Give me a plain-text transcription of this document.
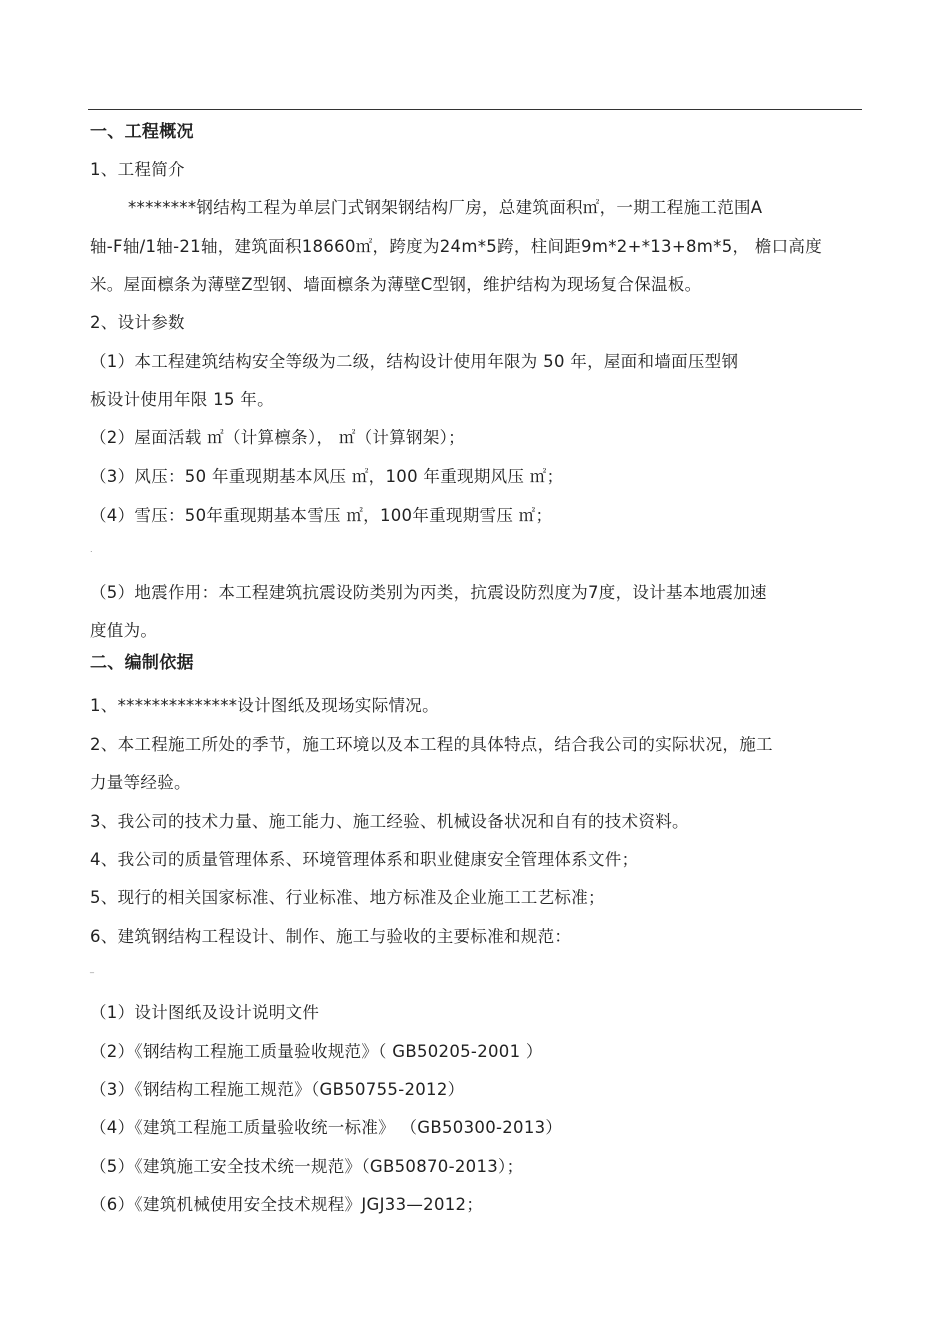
一、工程概况
1、工程简介
********钢结构工程为单层门式钢架钢结构厂房，总建筑面积㎡，一期工程施工范围A
轴-F轴/1轴-21轴，建筑面积18660㎡，跨度为24m*5跨，柱间距9m*2+*13+8m*5， 檐口高度
米。屋面檩条为薄壁Z型钢、墙面檩条为薄壁C型钢，维护结构为现场复合保温板。
2、设计参数
（1）本工程建筑结构安全等级为二级，结构设计使用年限为 50 年，屋面和墙面压型钢
板设计使用年限 15 年。
（2）屋面活载 ㎡（计算檩条）， ㎡（计算钢架）；
（3）风压：50 年重现期基本风压 ㎡，100 年重现期风压 ㎡；
（4）雪压：50年重现期基本雪压 ㎡，100年重现期雪压 ㎡；
.
（5）地震作用：本工程建筑抗震设防类别为丙类，抗震设防烈度为7度，设计基本地震加速
度值为。
二、编制依据
1、**************设计图纸及现场实际情况。
2、本工程施工所处的季节，施工环境以及本工程的具体特点，结合我公司的实际状况，施工
力量等经验。
3、我公司的技术力量、施工能力、施工经验、机械设备状况和自有的技术资料。
4、我公司的质量管理体系、环境管理体系和职业健康安全管理体系文件；
5、现行的相关国家标准、行业标准、地方标准及企业施工工艺标准；
6、建筑钢结构工程设计、制作、施工与验收的主要标准和规范：
_
（1）设计图纸及设计说明文件
（2）《钢结构工程施工质量验收规范》（ GB50205-2001 ）
（3）《钢结构工程施工规范》（GB50755-2012）
（4）《建筑工程施工质量验收统一标准》 （GB50300-2013）
（5）《建筑施工安全技术统一规范》（GB50870-2013）；
（6）《建筑机械使用安全技术规程》JGJ33—2012；
